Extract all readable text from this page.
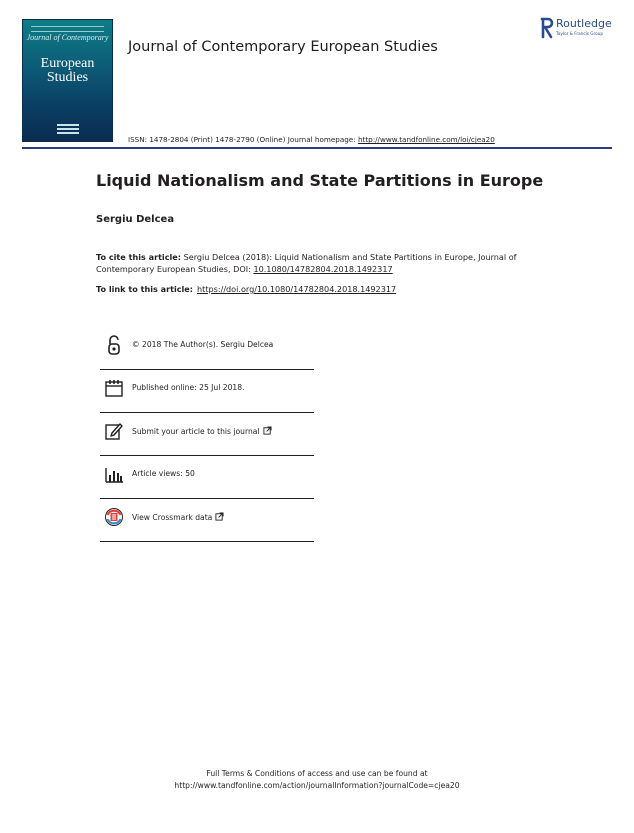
Journal of Contemporary
European Studies
Journal of Contemporary European Studies
ISSN: 1478-2804 (Print) 1478-2790 (Online) Journal homepage: http://www.tandfonline.com/loi/cjea20
Routledge
Taylor & Francis Group
Liquid Nationalism and State Partitions in Europe
Sergiu Delcea
To cite this article: Sergiu Delcea (2018): Liquid Nationalism and State Partitions in Europe, Journal of Contemporary European Studies, DOI: 10.1080/14782804.2018.1492317
To link to this article: https://doi.org/10.1080/14782804.2018.1492317
© 2018 The Author(s). Sergiu Delcea
Published online: 25 Jul 2018.
Submit your article to this journal
Article views: 50
View Crossmark data
Full Terms & Conditions of access and use can be found at
http://www.tandfonline.com/action/journalInformation?journalCode=cjea20
